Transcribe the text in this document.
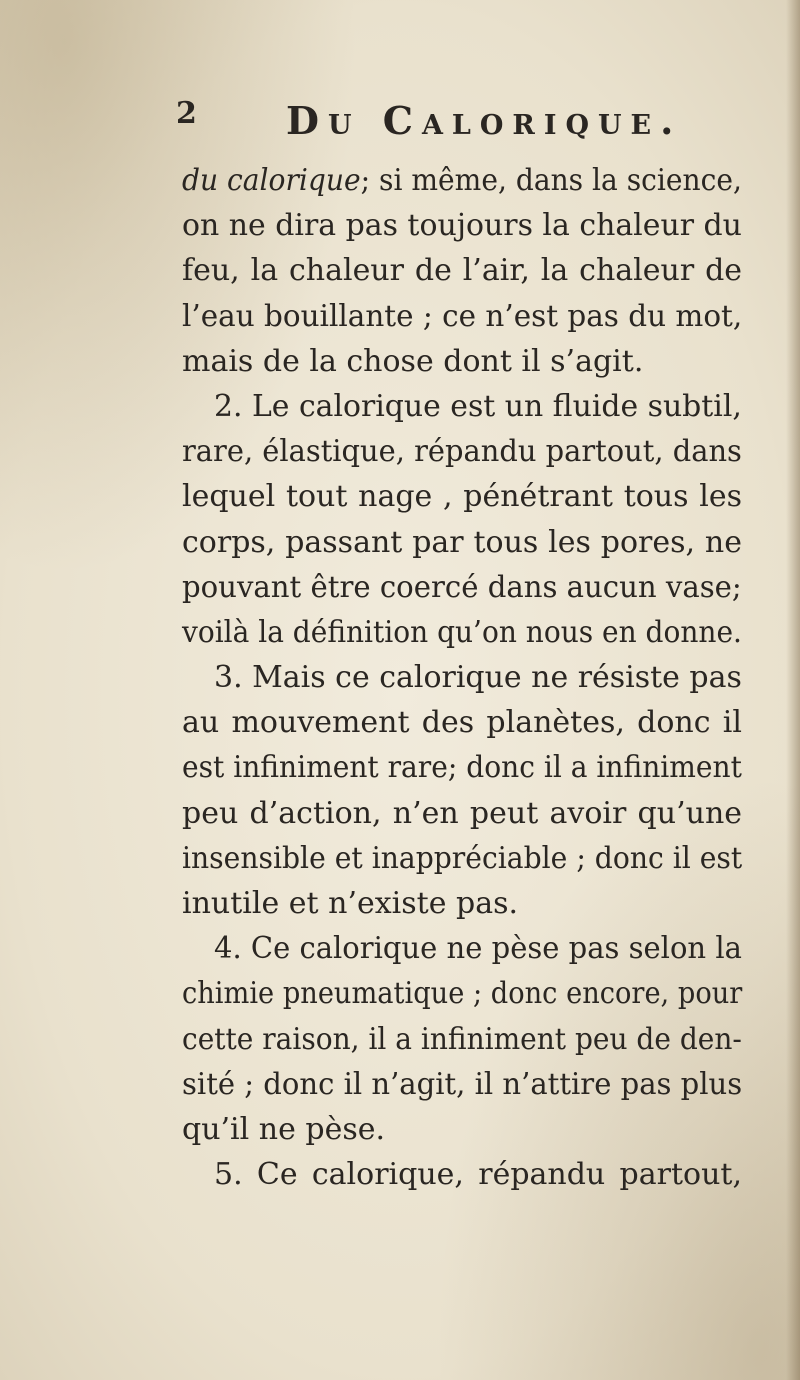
2 Du Calorique.
du calorique; si même, dans la science,
on ne dira pas toujours la chaleur du
feu, la chaleur de l’air, la chaleur de
l’eau bouillante ; ce n’est pas du mot,
mais de la chose dont il s’agit.
2. Le calorique est un fluide subtil,
rare, élastique, répandu partout, dans
lequel tout nage , pénétrant tous les
corps, passant par tous les pores, ne
pouvant être coercé dans aucun vase;
voilà la définition qu’on nous en donne.
3. Mais ce calorique ne résiste pas
au mouvement des planètes, donc il
est infiniment rare; donc il a infiniment
peu d’action, n’en peut avoir qu’une
insensible et inappréciable ; donc il est
inutile et n’existe pas.
4. Ce calorique ne pèse pas selon la
chimie pneumatique ; donc encore, pour
cette raison, il a infiniment peu de den-
sité ; donc il n’agit, il n’attire pas plus
qu’il ne pèse.
5. Ce calorique, répandu partout,
